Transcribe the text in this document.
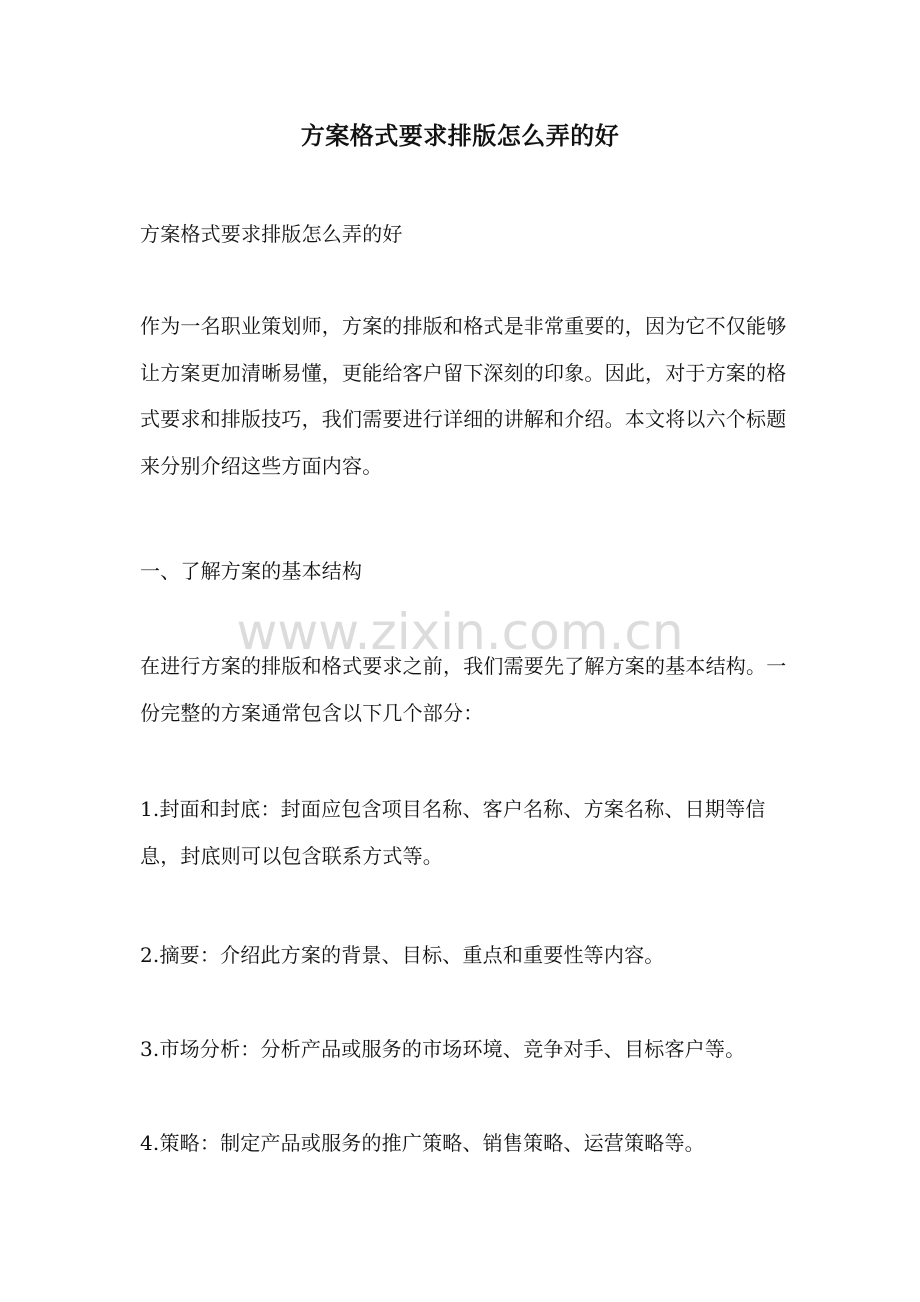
方案格式要求排版怎么弄的好
方案格式要求排版怎么弄的好
作为一名职业策划师，方案的排版和格式是非常重要的，因为它不仅能够让方案更加清晰易懂，更能给客户留下深刻的印象。因此，对于方案的格式要求和排版技巧，我们需要进行详细的讲解和介绍。本文将以六个标题来分别介绍这些方面内容。
一、了解方案的基本结构
在进行方案的排版和格式要求之前，我们需要先了解方案的基本结构。一份完整的方案通常包含以下几个部分：
1.封面和封底：封面应包含项目名称、客户名称、方案名称、日期等信息，封底则可以包含联系方式等。
2.摘要：介绍此方案的背景、目标、重点和重要性等内容。
3.市场分析：分析产品或服务的市场环境、竞争对手、目标客户等。
4.策略：制定产品或服务的推广策略、销售策略、运营策略等。
www.zixin.com.cn
